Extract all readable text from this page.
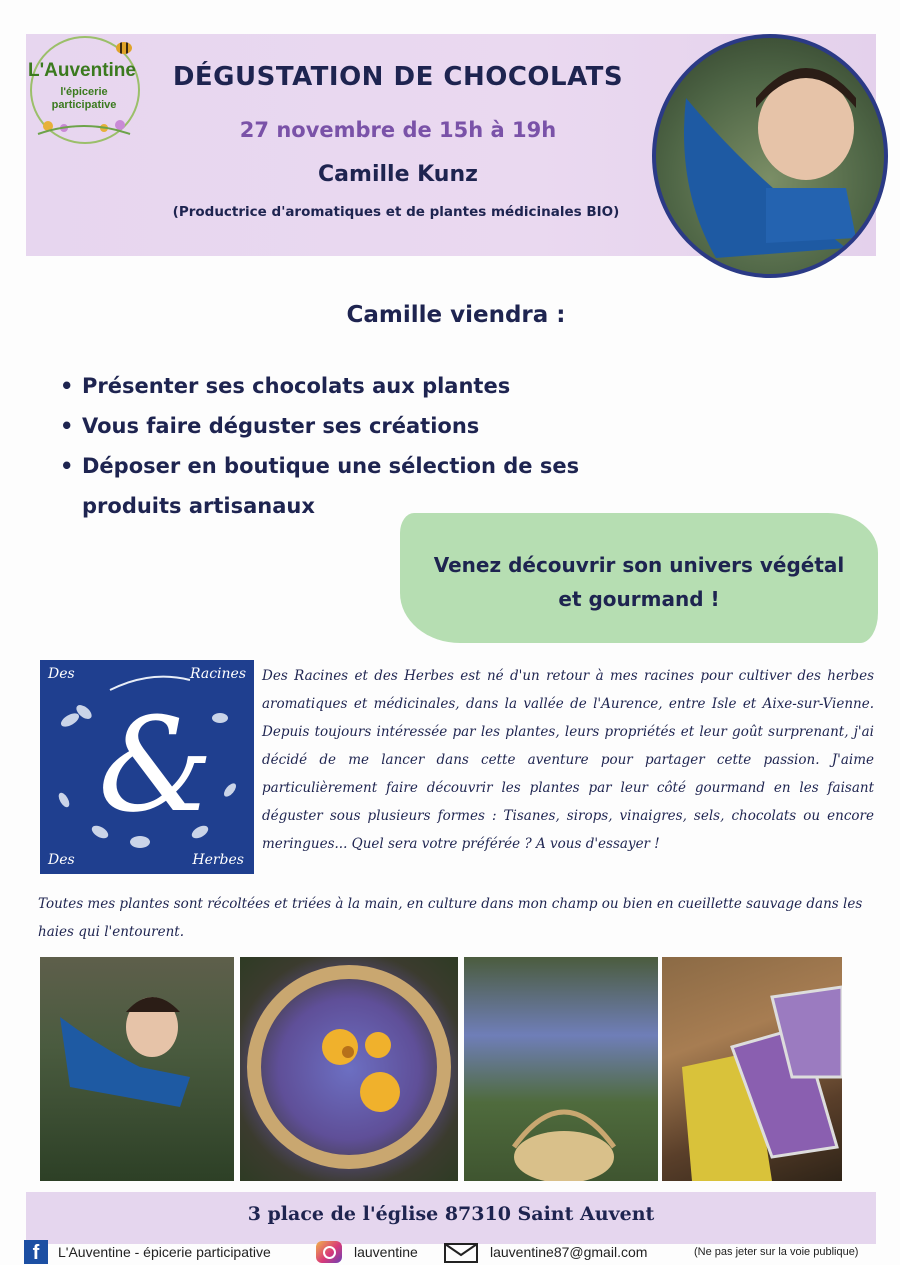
L'Auventine
l'épicerie participative
DÉGUSTATION DE CHOCOLATS
27 novembre de 15h à 19h
Camille Kunz
(Productrice d'aromatiques et de plantes médicinales BIO)
Camille viendra :
• Présenter ses chocolats aux plantes
• Vous faire déguster ses créations
• Déposer en boutique une sélection de ses produits artisanaux
Venez découvrir son univers végétal
et gourmand !
Des	Racines
Des	Herbes
&
Des Racines et des Herbes est né d'un retour à mes racines pour cultiver des herbes aromatiques et médicinales, dans la vallée de l'Aurence, entre Isle et Aixe-sur-Vienne. Depuis toujours intéressée par les plantes, leurs propriétés et leur goût surprenant, j'ai décidé de me lancer dans cette aventure pour partager cette passion. J'aime particulièrement faire découvrir les plantes par leur côté gourmand en les faisant déguster sous plusieurs formes : Tisanes, sirops, vinaigres, sels, chocolats ou encore meringues... Quel sera votre préférée ? A vous d'essayer !
Toutes mes plantes sont récoltées et triées à la main, en culture dans mon champ ou bien en cueillette sauvage dans les haies qui l'entourent.
3 place de l'église 87310 Saint Auvent
f	L'Auventine - épicerie participative	lauventine	lauventine87@gmail.com	(Ne pas jeter sur la voie publique)
